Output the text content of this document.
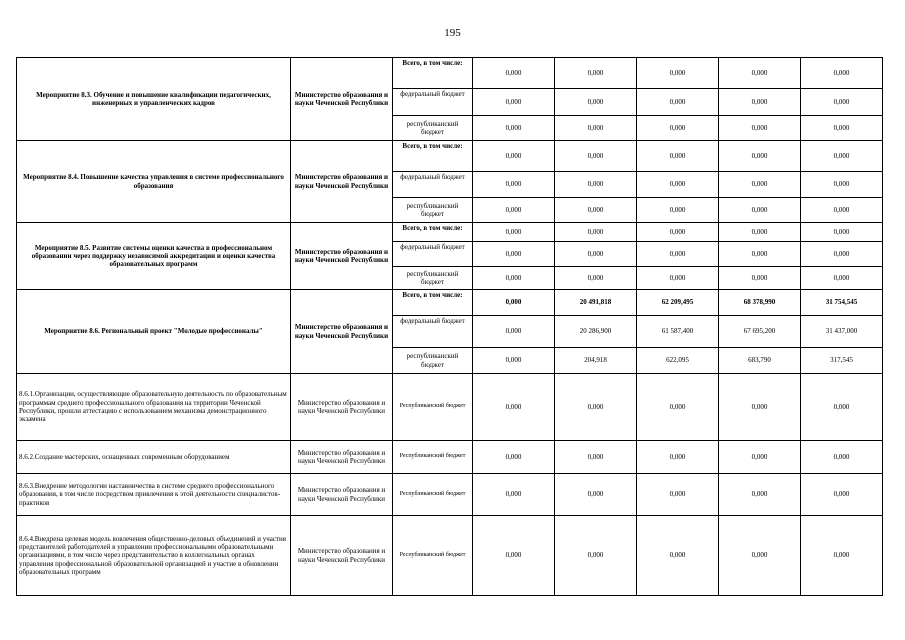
195
Мероприятие 8.3. Обучение и повышение квалификации педагогических, инженерных и управленческих кадров	Министерство образования и науки Чеченской Республики	Всего, в том числе:	0,000	0,000	0,000	0,000	0,000
		федеральный бюджет	0,000	0,000	0,000	0,000	0,000
		республиканский бюджет	0,000	0,000	0,000	0,000	0,000
Мероприятие 8.4. Повышение качества управления в системе профессионального образования	Министерство образования и науки Чеченской Республики	Всего, в том числе:	0,000	0,000	0,000	0,000	0,000
		федеральный бюджет	0,000	0,000	0,000	0,000	0,000
		республиканский бюджет	0,000	0,000	0,000	0,000	0,000
Мероприятие 8.5. Развитие системы оценки качества в профессиональном образовании через поддержку независимой аккредитации и оценки качества образовательных программ	Министерство образования и науки Чеченской Республики	Всего, в том числе:	0,000	0,000	0,000	0,000	0,000
		федеральный бюджет	0,000	0,000	0,000	0,000	0,000
		республиканский бюджет	0,000	0,000	0,000	0,000	0,000
Мероприятие 8.6. Региональный проект "Молодые профессионалы"	Министерство образования и науки Чеченской Республики	Всего, в том числе:	0,000	20 491,818	62 209,495	68 378,990	31 754,545
		федеральный бюджет	0,000	20 286,900	61 587,400	67 695,200	31 437,000
		республиканский бюджет	0,000	204,918	622,095	683,790	317,545
8.6.1.Организации, осуществляющие образовательную деятельность по образовательным программам среднего профессионального образования на территории Чеченской Республики, прошли аттестацию с использованием механизма демонстрационного экзамена	Министерство образования и науки Чеченской Республики	Республиканский бюджет	0,000	0,000	0,000	0,000	0,000
8.6.2.Создание мастерских, оснащенных современным оборудованием	Министерство образования и науки Чеченской Республики	Республиканский бюджет	0,000	0,000	0,000	0,000	0,000
8.6.3.Внедрение методологии наставничества в системе среднего профессионального образования, в том числе посредством привлечения к этой деятельности специалистов-практиков	Министерство образования и науки Чеченской Республики	Республиканский бюджет	0,000	0,000	0,000	0,000	0,000
8.6.4.Внедрена целевая модель вовлечения общественно-деловых объединений и участия представителей работодателей в управлении профессиональными образовательными организациями, в том числе через представительство в коллегиальных органах управления профессиональной образовательной организацией и участие в обновлении образовательных программ	Министерство образования и науки Чеченской Республики	Республиканский бюджет	0,000	0,000	0,000	0,000	0,000
